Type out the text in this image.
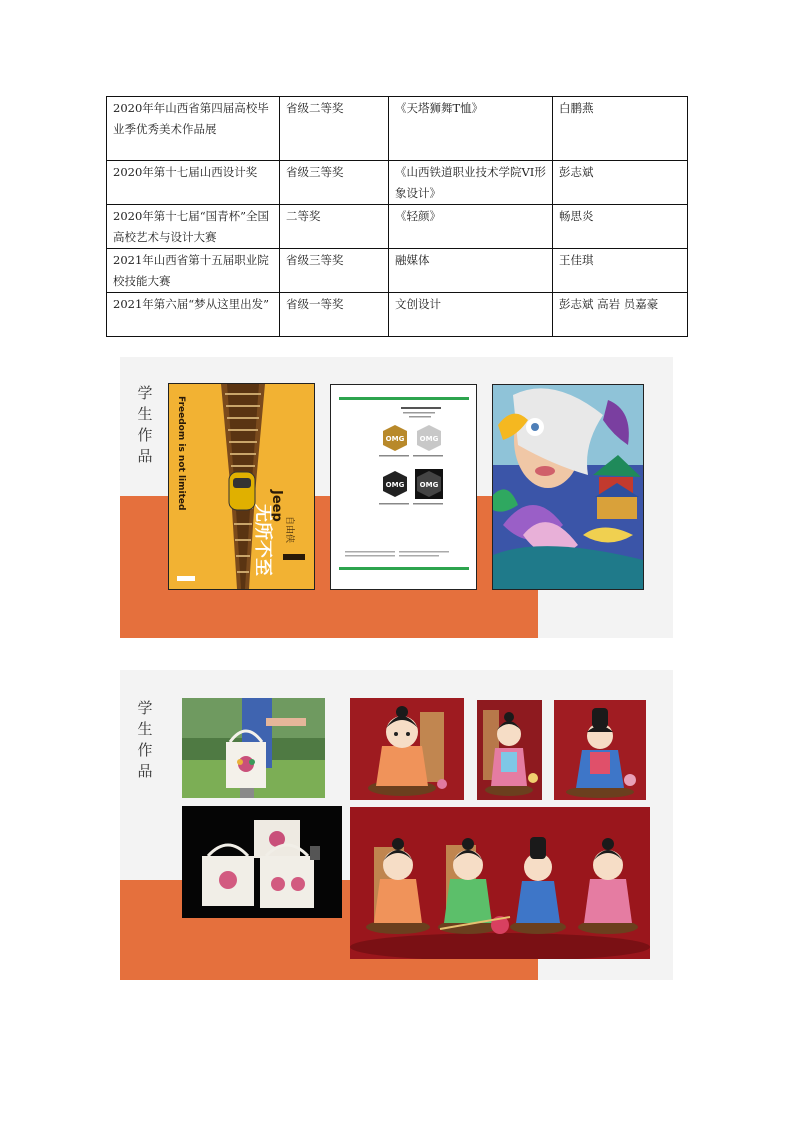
2020年年山西省第四届高校毕业季优秀美术作品展	省级二等奖	《天塔狮舞T恤》	白鹏燕
2020年第十七届山西设计奖	省级三等奖	《山西铁道职业技术学院VI形象设计》	彭志斌
2020年第十七届“国青杯”全国高校艺术与设计大赛	二等奖	《轻颜》	畅思炎
2021年山西省第十五届职业院校技能大赛	省级三等奖	融媒体	王佳琪
2021年第六届“梦从这里出发”	省级一等奖	文创设计	彭志斌 高岩 员嘉豪
学
生
作
品	Freedom is not limited	Jeep
无所不至 自由侠
OMG OMG
OMG OMG
学
生
作
品
